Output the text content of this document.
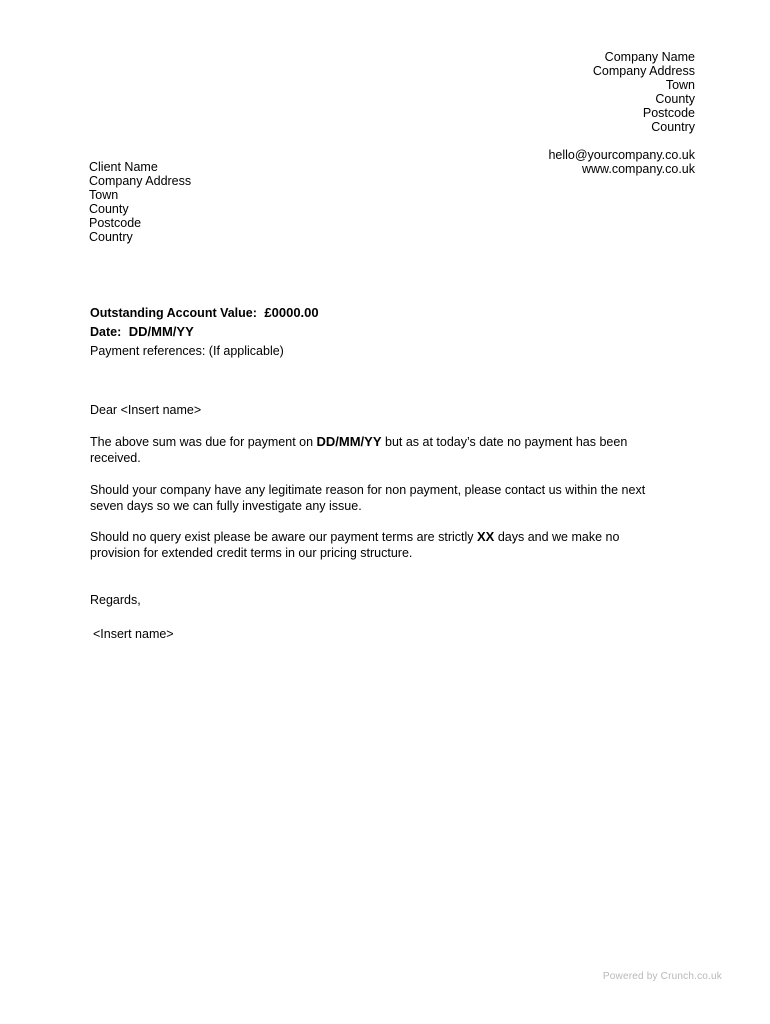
Company Name
Company Address
Town
County
Postcode
Country
hello@yourcompany.co.uk
www.company.co.uk
Client Name
Company Address
Town
County
Postcode
Country
Outstanding Account Value: £0000.00
Date: DD/MM/YY
Payment references: (If applicable)
Dear <Insert name>
The above sum was due for payment on DD/MM/YY but as at today’s date no payment has been received.
Should your company have any legitimate reason for non payment, please contact us within the next seven days so we can fully investigate any issue.
Should no query exist please be aware our payment terms are strictly XX days and we make no provision for extended credit terms in our pricing structure.
Regards,
<Insert name>
Powered by Crunch.co.uk
